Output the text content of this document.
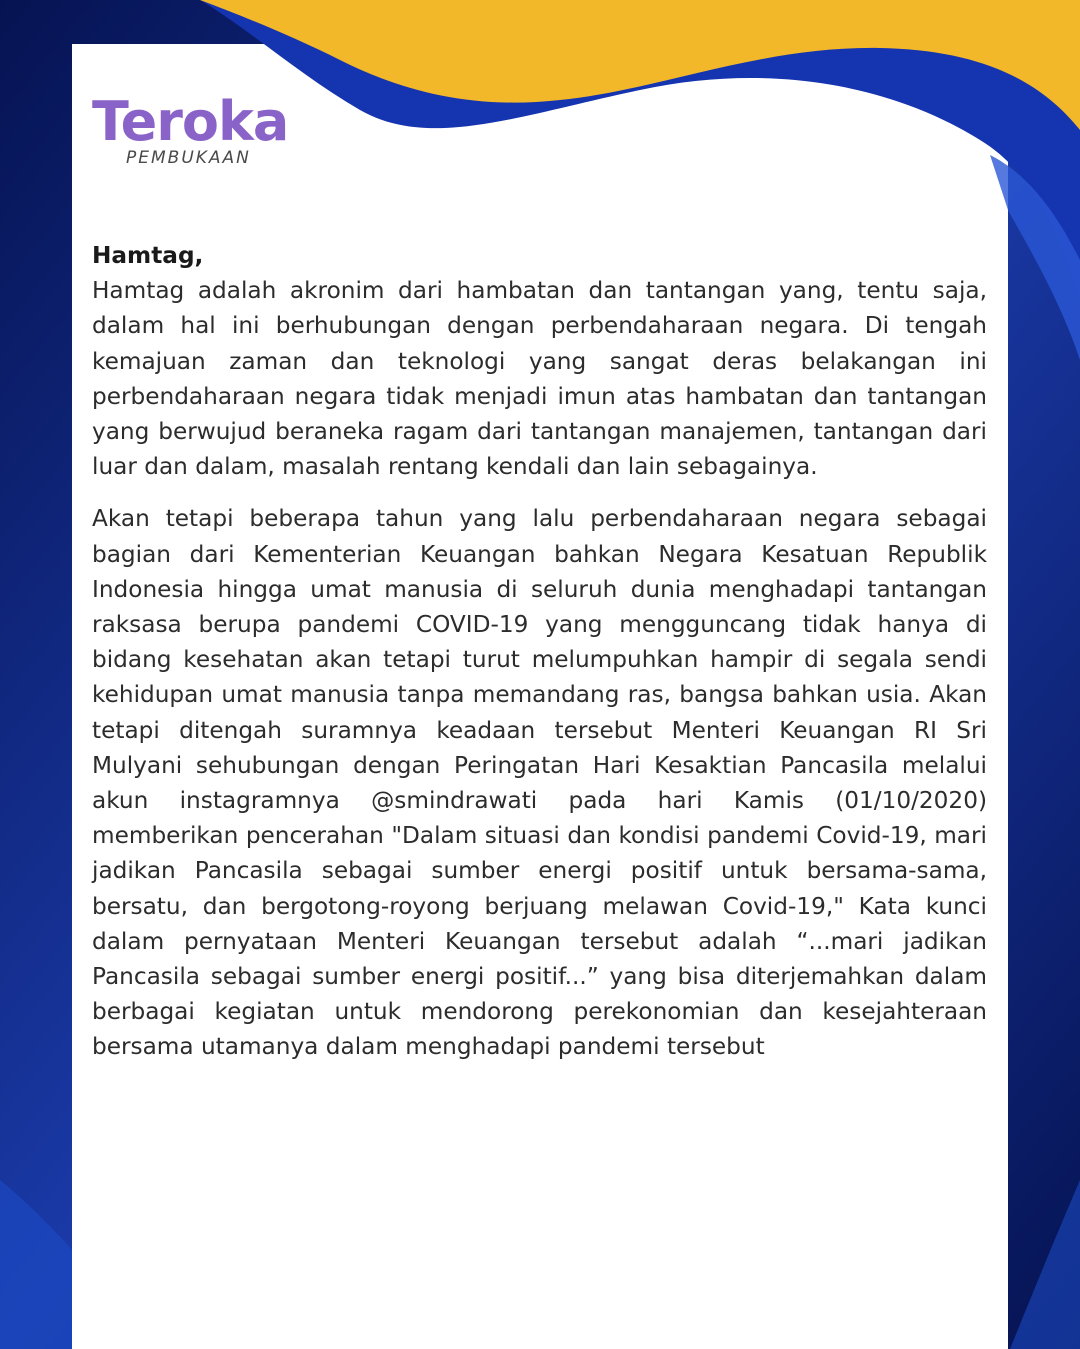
Teroka
PEMBUKAAN

Hamtag,

Hamtag adalah akronim dari hambatan dan tantangan yang, tentu saja, dalam hal ini berhubungan dengan perbendaharaan negara. Di tengah kemajuan zaman dan teknologi yang sangat deras belakangan ini perbendaharaan negara tidak menjadi imun atas hambatan dan tantangan yang berwujud beraneka ragam dari tantangan manajemen, tantangan dari luar dan dalam, masalah rentang kendali dan lain sebagainya.

Akan tetapi beberapa tahun yang lalu perbendaharaan negara sebagai bagian dari Kementerian Keuangan bahkan Negara Kesatuan Republik Indonesia hingga umat manusia di seluruh dunia menghadapi tantangan raksasa berupa pandemi COVID-19 yang mengguncang tidak hanya di bidang kesehatan akan tetapi turut melumpuhkan hampir di segala sendi kehidupan umat manusia tanpa memandang ras, bangsa bahkan usia. Akan tetapi ditengah suramnya keadaan tersebut Menteri Keuangan RI Sri Mulyani sehubungan dengan Peringatan Hari Kesaktian Pancasila melalui akun instagramnya @smindrawati pada hari Kamis (01/10/2020) memberikan pencerahan "Dalam situasi dan kondisi pandemi Covid-19, mari jadikan Pancasila sebagai sumber energi positif untuk bersama-sama, bersatu, dan bergotong-royong berjuang melawan Covid-19," Kata kunci dalam pernyataan Menteri Keuangan tersebut adalah “...mari jadikan Pancasila sebagai sumber energi positif...” yang bisa diterjemahkan dalam berbagai kegiatan untuk mendorong perekonomian dan kesejahteraan bersama utamanya dalam menghadapi pandemi tersebut
